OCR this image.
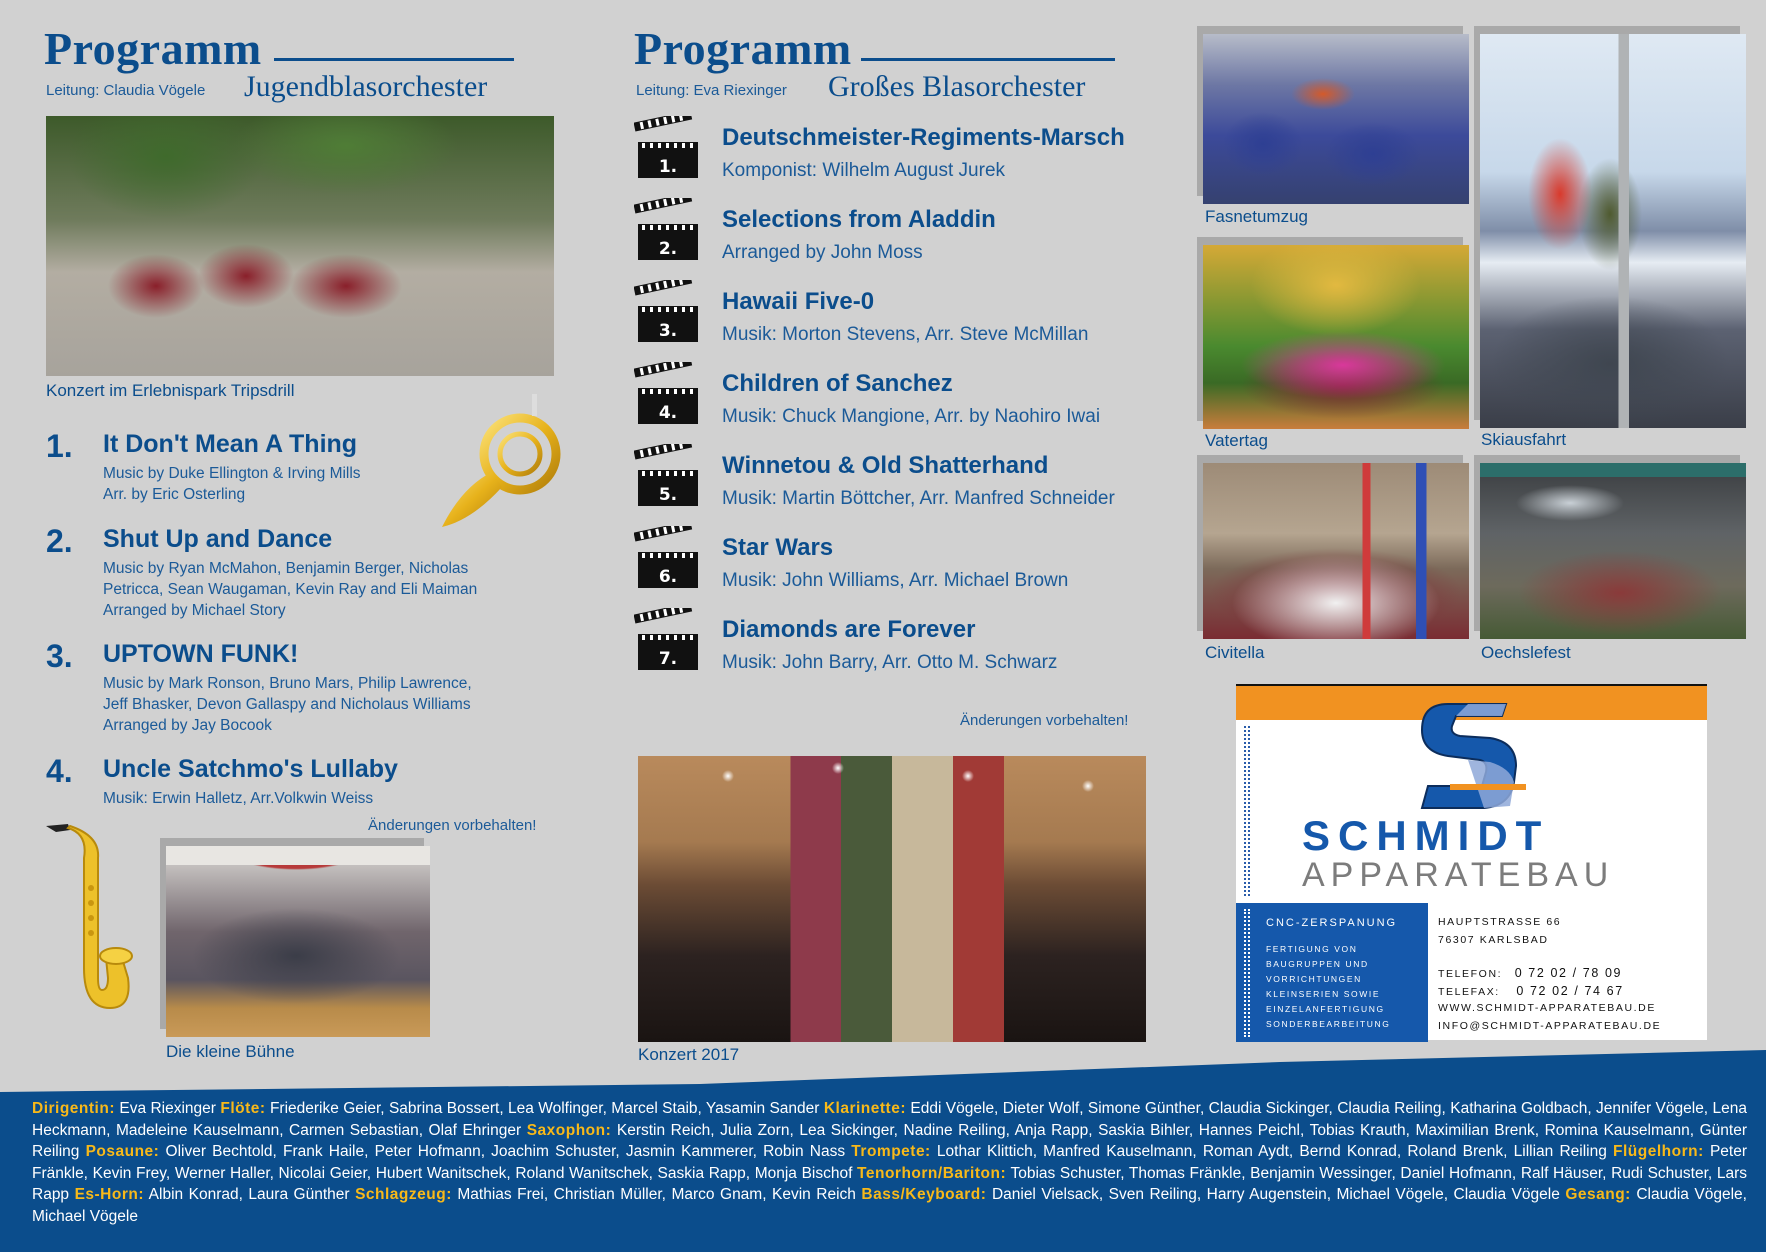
Programm
Leitung: Claudia Vögele Jugendblasorchester
Konzert im Erlebnispark Tripsdrill
1. It Don't Mean A Thing
Music by Duke Ellington & Irving Mills
Arr. by Eric Osterling
2. Shut Up and Dance
Music by Ryan McMahon, Benjamin Berger, Nicholas
Petricca, Sean Waugaman, Kevin Ray and Eli Maiman
Arranged by Michael Story
3. UPTOWN FUNK!
Music by Mark Ronson, Bruno Mars, Philip Lawrence,
Jeff Bhasker, Devon Gallaspy and Nicholaus Williams
Arranged by Jay Bocook
4. Uncle Satchmo's Lullaby
Musik: Erwin Halletz, Arr.Volkwin Weiss
Änderungen vorbehalten!
Die kleine Bühne
Programm
Leitung: Eva Riexinger Großes Blasorchester
1.
Deutschmeister-Regiments-Marsch
Komponist: Wilhelm August Jurek
2.
Selections from Aladdin
Arranged by John Moss
3.
Hawaii Five-0
Musik: Morton Stevens, Arr. Steve McMillan
4.
Children of Sanchez
Musik: Chuck Mangione, Arr. by Naohiro Iwai
5.
Winnetou & Old Shatterhand
Musik: Martin Böttcher, Arr. Manfred Schneider
6.
Star Wars
Musik: John Williams, Arr. Michael Brown
7.
Diamonds are Forever
Musik: John Barry, Arr. Otto M. Schwarz
Änderungen vorbehalten!
Konzert 2017
Fasnetumzug
Skiausfahrt
Vatertag
Civitella	Oechslefest
SCHMIDT
APPARATEBAU
CNC-ZERSPANUNG
FERTIGUNG VON
BAUGRUPPEN UND
VORRICHTUNGEN
KLEINSERIEN SOWIE
EINZELANFERTIGUNG
SONDERBEARBEITUNG
HAUPTSTRASSE 66
76307 KARLSBAD
TELEFON: 0 72 02 / 78 09
TELEFAX: 0 72 02 / 74 67
WWW.SCHMIDT-APPARATEBAU.DE
INFO@SCHMIDT-APPARATEBAU.DE
Dirigentin: Eva Riexinger Flöte: Friederike Geier, Sabrina Bossert, Lea Wolfinger, Marcel Staib, Yasamin Sander Klarinette: Eddi Vögele, Dieter Wolf, Simone Günther, Claudia Sickinger, Claudia Reiling, Katharina Goldbach, Jennifer Vögele, Lena Heckmann, Madeleine Kauselmann, Carmen Sebastian, Olaf Ehringer Saxophon: Kerstin Reich, Julia Zorn, Lea Sickinger, Nadine Reiling, Anja Rapp, Saskia Bihler, Hannes Peichl, Tobias Krauth, Maximilian Brenk, Romina Kauselmann, Günter Reiling Posaune: Oliver Bechtold, Frank Haile, Peter Hofmann, Joachim Schuster, Jasmin Kammerer, Robin Nass Trompete: Lothar Klittich, Manfred Kauselmann, Roman Aydt, Bernd Konrad, Roland Brenk, Lillian Reiling Flügelhorn: Peter Fränkle, Kevin Frey, Werner Haller, Nicolai Geier, Hubert Wanitschek, Roland Wanitschek, Saskia Rapp, Monja Bischof Tenorhorn/Bariton: Tobias Schuster, Thomas Fränkle, Benjamin Wessinger, Daniel Hofmann, Ralf Häuser, Rudi Schuster, Lars Rapp Es-Horn: Albin Konrad, Laura Günther Schlagzeug: Mathias Frei, Christian Müller, Marco Gnam, Kevin Reich Bass/Keyboard: Daniel Vielsack, Sven Reiling, Harry Augenstein, Michael Vögele, Claudia Vögele Gesang: Claudia Vögele, Michael Vögele
